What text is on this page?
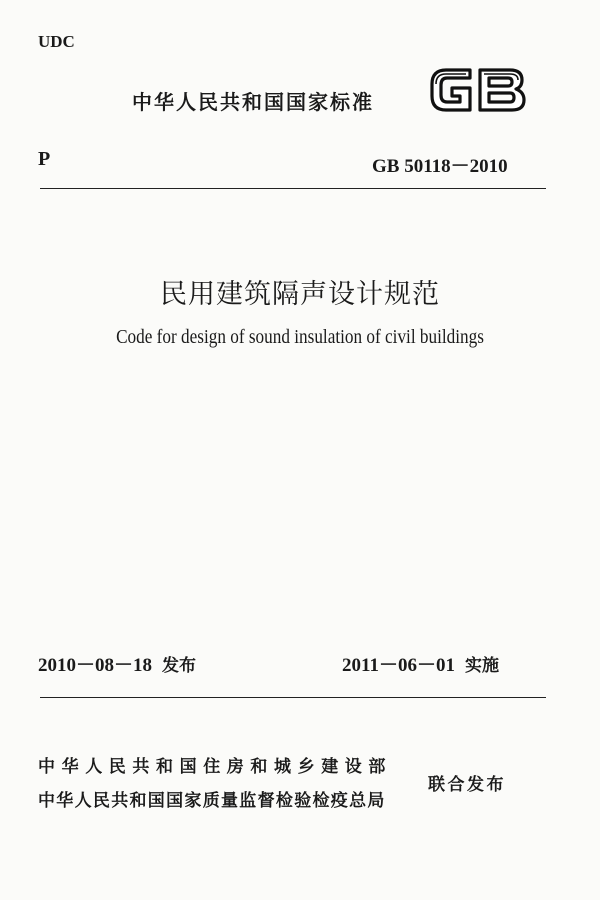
UDC
中华人民共和国国家标准
P	GB 50118－2010
民用建筑隔声设计规范
Code for design of sound insulation of civil buildings
2010－08－18 发布	2011－06－01 实施
中华人民共和国住房和城乡建设部
中华人民共和国国家质量监督检验检疫总局
联合发布
